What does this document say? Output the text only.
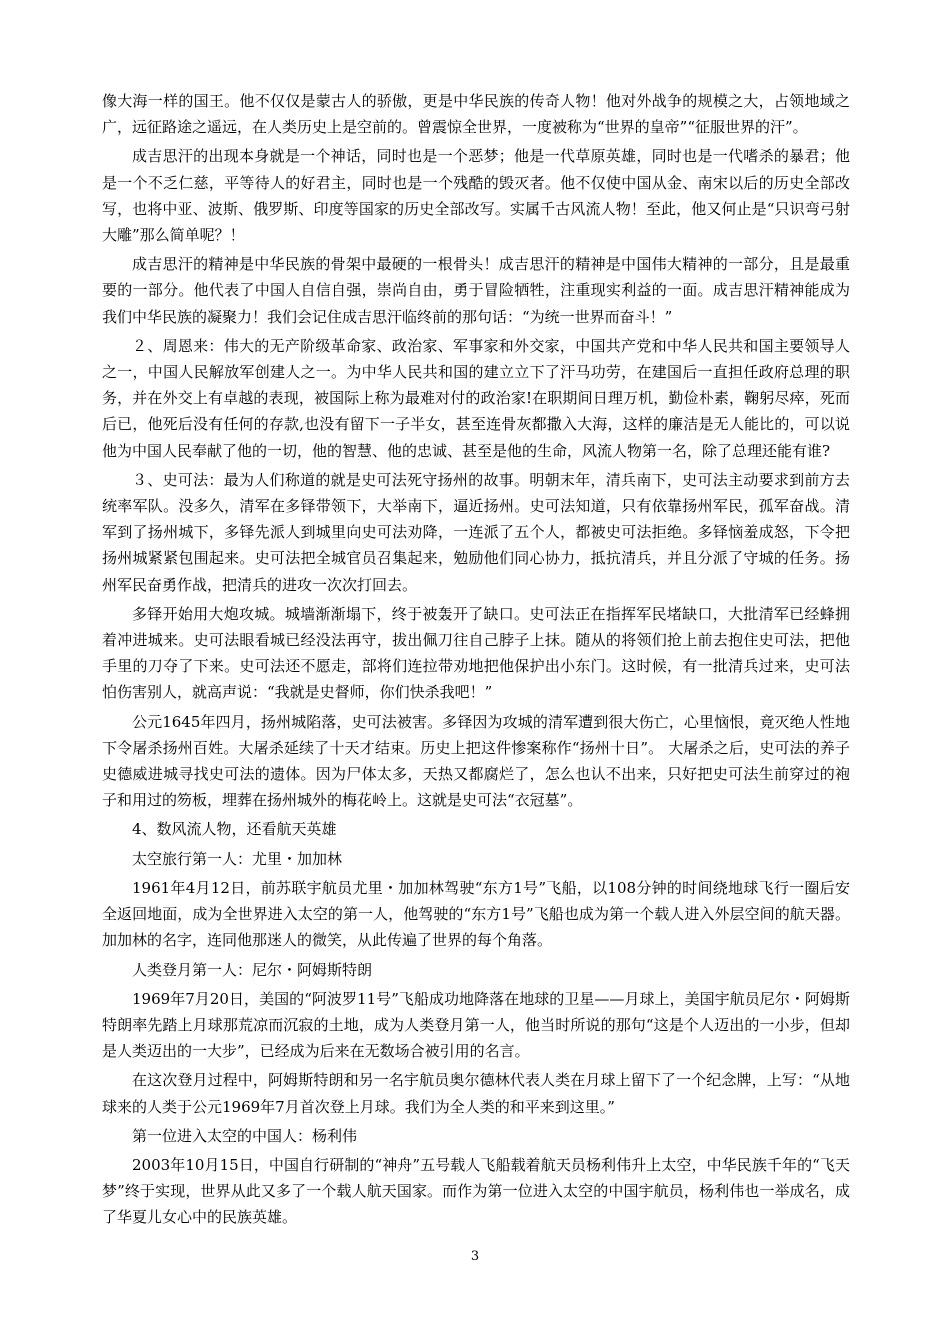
像大海一样的国王。他不仅仅是蒙古人的骄傲，更是中华民族的传奇人物！他对外战争的规模之大，占领地域之广，远征路途之遥远，在人类历史上是空前的。曾震惊全世界，一度被称为“世界的皇帝”“征服世界的汗”。

成吉思汗的出现本身就是一个神话，同时也是一个恶梦；他是一代草原英雄，同时也是一代嗜杀的暴君；他是一个不乏仁慈，平等待人的好君主，同时也是一个残酷的毁灭者。他不仅使中国从金、南宋以后的历史全部改写，也将中亚、波斯、俄罗斯、印度等国家的历史全部改写。实属千古风流人物！至此，他又何止是“只识弯弓射大雕”那么简单呢？！

成吉思汗的精神是中华民族的骨架中最硬的一根骨头！成吉思汗的精神是中国伟大精神的一部分，且是最重要的一部分。他代表了中国人自信自强，崇尚自由，勇于冒险牺牲，注重现实利益的一面。成吉思汗精神能成为我们中华民族的凝聚力！我们会记住成吉思汗临终前的那句话：“为统一世界而奋斗！”

２、周恩来：伟大的无产阶级革命家、政治家、军事家和外交家，中国共产党和中华人民共和国主要领导人之一，中国人民解放军创建人之一。为中华人民共和国的建立立下了汗马功劳，在建国后一直担任政府总理的职务，并在外交上有卓越的表现，被国际上称为最难对付的政治家!在职期间日理万机，勤俭朴素，鞠躬尽瘁，死而后已，他死后没有任何的存款,也没有留下一子半女，甚至连骨灰都撒入大海，这样的廉洁是无人能比的，可以说他为中国人民奉献了他的一切，他的智慧、他的忠诚、甚至是他的生命，风流人物第一名，除了总理还能有谁?

３、史可法：最为人们称道的就是史可法死守扬州的故事。明朝末年，清兵南下，史可法主动要求到前方去统率军队。没多久，清军在多铎带领下，大举南下，逼近扬州。史可法知道，只有依靠扬州军民，孤军奋战。清军到了扬州城下，多铎先派人到城里向史可法劝降，一连派了五个人，都被史可法拒绝。多铎恼羞成怒，下令把扬州城紧紧包围起来。史可法把全城官员召集起来，勉励他们同心协力，抵抗清兵，并且分派了守城的任务。扬州军民奋勇作战，把清兵的进攻一次次打回去。

多铎开始用大炮攻城。城墙渐渐塌下，终于被轰开了缺口。史可法正在指挥军民堵缺口，大批清军已经蜂拥着冲进城来。史可法眼看城已经没法再守，拔出佩刀往自己脖子上抹。随从的将领们抢上前去抱住史可法，把他手里的刀夺了下来。史可法还不愿走，部将们连拉带劝地把他保护出小东门。这时候，有一批清兵过来，史可法怕伤害别人，就高声说：“我就是史督师，你们快杀我吧！”

公元1645年四月，扬州城陷落，史可法被害。多铎因为攻城的清军遭到很大伤亡，心里恼恨，竟灭绝人性地下令屠杀扬州百姓。大屠杀延续了十天才结束。历史上把这件惨案称作“扬州十日”。 大屠杀之后，史可法的养子史德威进城寻找史可法的遗体。因为尸体太多，天热又都腐烂了，怎么也认不出来，只好把史可法生前穿过的袍子和用过的笏板，埋葬在扬州城外的梅花岭上。这就是史可法“衣冠墓”。

4、数风流人物，还看航天英雄

太空旅行第一人：尤里・加加林

1961年4月12日，前苏联宇航员尤里・加加林驾驶“东方1号”飞船，以108分钟的时间绕地球飞行一圈后安全返回地面，成为全世界进入太空的第一人，他驾驶的“东方1号”飞船也成为第一个载人进入外层空间的航天器。加加林的名字，连同他那迷人的微笑，从此传遍了世界的每个角落。

人类登月第一人：尼尔・阿姆斯特朗

1969年7月20日，美国的“阿波罗11号”飞船成功地降落在地球的卫星——月球上，美国宇航员尼尔・阿姆斯特朗率先踏上月球那荒凉而沉寂的土地，成为人类登月第一人，他当时所说的那句“这是个人迈出的一小步，但却是人类迈出的一大步”，已经成为后来在无数场合被引用的名言。

在这次登月过程中，阿姆斯特朗和另一名宇航员奥尔德林代表人类在月球上留下了一个纪念牌，上写：“从地球来的人类于公元1969年7月首次登上月球。我们为全人类的和平来到这里。”

第一位进入太空的中国人：杨利伟

2003年10月15日，中国自行研制的“神舟”五号载人飞船载着航天员杨利伟升上太空，中华民族千年的“飞天梦”终于实现，世界从此又多了一个载人航天国家。而作为第一位进入太空的中国宇航员，杨利伟也一举成名，成了华夏儿女心中的民族英雄。

3
